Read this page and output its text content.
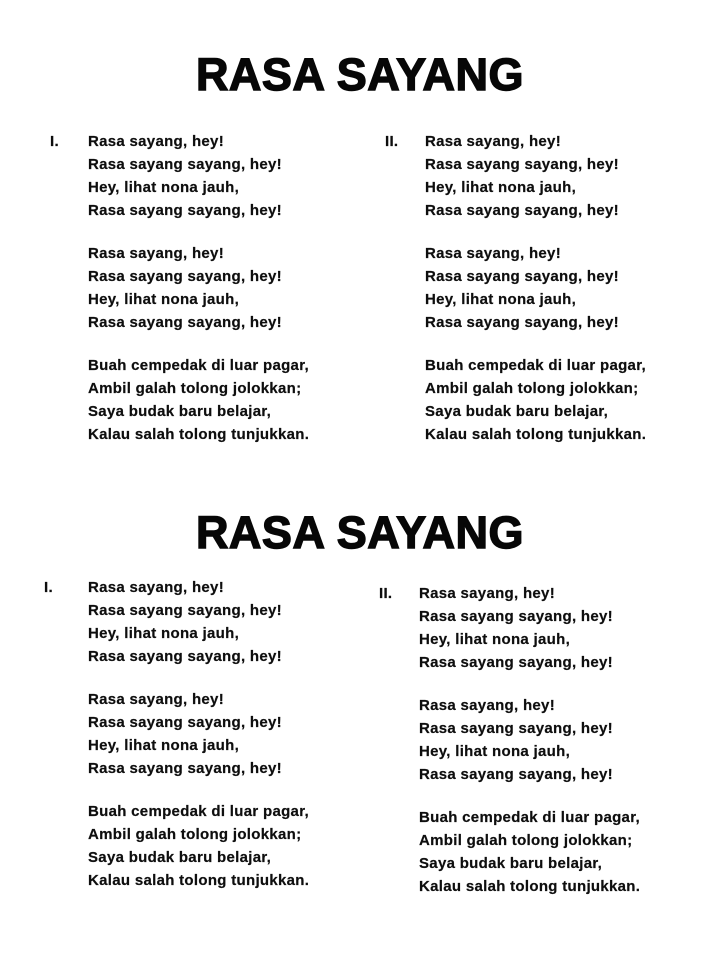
RASA SAYANG
I.	Rasa sayang, hey!

Rasa sayang sayang, hey!

Hey, lihat nona jauh,

Rasa sayang sayang, hey!

Rasa sayang, hey!

Rasa sayang sayang, hey!

Hey, lihat nona jauh,

Rasa sayang sayang, hey!

Buah cempedak di luar pagar,

Ambil galah tolong jolokkan;

Saya budak baru belajar,

Kalau salah tolong tunjukkan.

II.	Rasa sayang, hey!

Rasa sayang sayang, hey!

Hey, lihat nona jauh,

Rasa sayang sayang, hey!

Rasa sayang, hey!

Rasa sayang sayang, hey!

Hey, lihat nona jauh,

Rasa sayang sayang, hey!

Buah cempedak di luar pagar,

Ambil galah tolong jolokkan;

Saya budak baru belajar,

Kalau salah tolong tunjukkan.

RASA SAYANG
I.	Rasa sayang, hey!

Rasa sayang sayang, hey!

Hey, lihat nona jauh,

Rasa sayang sayang, hey!

Rasa sayang, hey!

Rasa sayang sayang, hey!

Hey, lihat nona jauh,

Rasa sayang sayang, hey!

Buah cempedak di luar pagar,

Ambil galah tolong jolokkan;

Saya budak baru belajar,

Kalau salah tolong tunjukkan.

II.	Rasa sayang, hey!

Rasa sayang sayang, hey!

Hey, lihat nona jauh,

Rasa sayang sayang, hey!

Rasa sayang, hey!

Rasa sayang sayang, hey!

Hey, lihat nona jauh,

Rasa sayang sayang, hey!

Buah cempedak di luar pagar,

Ambil galah tolong jolokkan;

Saya budak baru belajar,

Kalau salah tolong tunjukkan.
